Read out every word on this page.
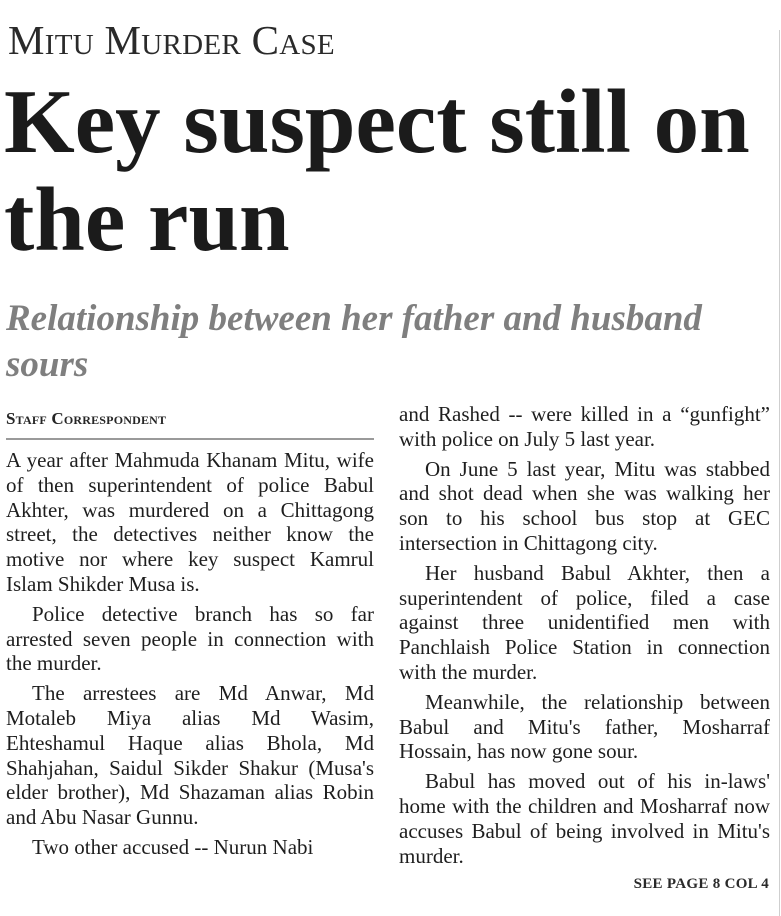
Mitu Murder Case
Key suspect still on the run
Relationship between her father and husband sours
Staff Correspondent

A year after Mahmuda Khanam Mitu, wife of then superintendent of police Babul Akhter, was murdered on a Chittagong street, the detectives neither know the motive nor where key suspect Kamrul Islam Shikder Musa is.

Police detective branch has so far arrested seven people in connection with the murder.

The arrestees are Md Anwar, Md Motaleb Miya alias Md Wasim, Ehteshamul Haque alias Bhola, Md Shahjahan, Saidul Sikder Shakur (Musa's elder brother), Md Shazaman alias Robin and Abu Nasar Gunnu.

Two other accused -- Nurun Nabi

and Rashed -- were killed in a “gunfight” with police on July 5 last year.

On June 5 last year, Mitu was stabbed and shot dead when she was walking her son to his school bus stop at GEC intersection in Chittagong city.

Her husband Babul Akhter, then a superintendent of police, filed a case against three unidentified men with Panchlaish Police Station in connection with the murder.

Meanwhile, the relationship between Babul and Mitu's father, Mosharraf Hossain, has now gone sour.

Babul has moved out of his in-laws' home with the children and Mosharraf now accuses Babul of being involved in Mitu's murder.

SEE PAGE 8 COL 4
